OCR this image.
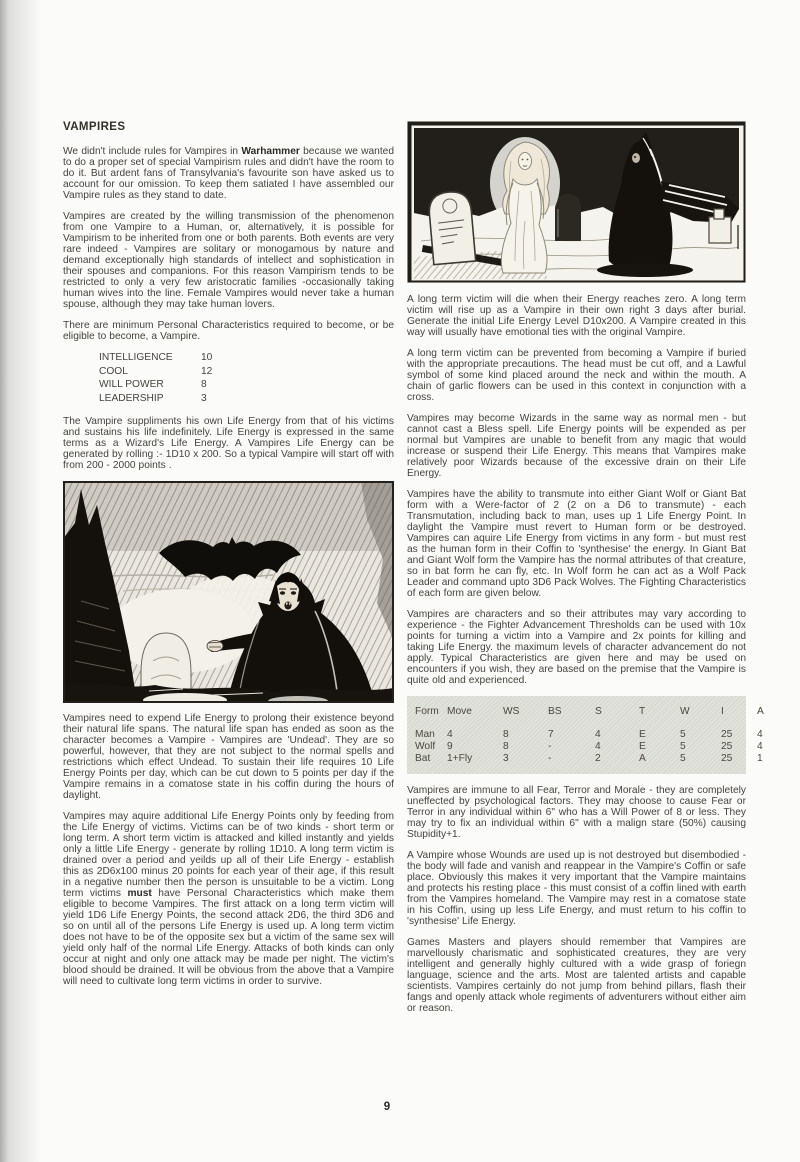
VAMPIRES

We didn't include rules for Vampires in Warhammer because we wanted to do a proper set of special Vampirism rules and didn't have the room to do it. But ardent fans of Transylvania's favourite son have asked us to account for our omission. To keep them satiated I have assembled our Vampire rules as they stand to date.

Vampires are created by the willing transmission of the phenomenon from one Vampire to a Human, or, alternatively, it is possible for Vampirism to be inherited from one or both parents. Both events are very rare indeed - Vampires are solitary or monogamous by nature and demand exceptionally high standards of intellect and sophistication in their spouses and companions. For this reason Vampirism tends to be restricted to only a very few aristocratic families -occasionally taking human wives into the line. Female Vampires would never take a human spouse, although they may take human lovers.

There are minimum Personal Characteristics required to become, or be eligible to become, a Vampire.

INTELLIGENCE	10
COOL	12
WILL POWER	8
LEADERSHIP	3

The Vampire suppliments his own Life Energy from that of his victims and sustains his life indefinitely. Life Energy is expressed in the same terms as a Wizard's Life Energy. A Vampires Life Energy can be generated by rolling :- 1D10 x 200. So a typical Vampire will start off with from 200 - 2000 points .

Vampires need to expend Life Energy to prolong their existence beyond their natural life spans. The natural life span has ended as soon as the character becomes a Vampire - Vampires are 'Undead'. They are so powerful, however, that they are not subject to the normal spells and restrictions which effect Undead. To sustain their life requires 10 Life Energy Points per day, which can be cut down to 5 points per day if the Vampire remains in a comatose state in his coffin during the hours of daylight.

Vampires may aquire additional Life Energy Points only by feeding from the Life Energy of victims. Victims can be of two kinds - short term or long term. A short term victim is attacked and killed instantly and yields only a little Life Energy - generate by rolling 1D10. A long term victim is drained over a period and yeilds up all of their Life Energy - establish this as 2D6x100 minus 20 points for each year of their age, if this result in a negative number then the person is unsuitable to be a victim. Long term victims must have Personal Characteristics which make them eligible to become Vampires. The first attack on a long term victim will yield 1D6 Life Energy Points, the second attack 2D6, the third 3D6 and so on until all of the persons Life Energy is used up. A long term victim does not have to be of the opposite sex but a victim of the same sex will yield only half of the normal Life Energy. Attacks of both kinds can only occur at night and only one attack may be made per night. The victim's blood should be drained. It will be obvious from the above that a Vampire will need to cultivate long term victims in order to survive.

A long term victim will die when their Energy reaches zero. A long term victim will rise up as a Vampire in their own right 3 days after burial. Generate the initial Life Energy Level D10x200. A Vampire created in this way will usually have emotional ties with the original Vampire.

A long term victim can be prevented from becoming a Vampire if buried with the appropriate precautions. The head must be cut off, and a Lawful symbol of some kind placed around the neck and within the mouth. A chain of garlic flowers can be used in this context in conjunction with a cross.

Vampires may become Wizards in the same way as normal men - but cannot cast a Bless spell. Life Energy points will be expended as per normal but Vampires are unable to benefit from any magic that would increase or suspend their Life Energy. This means that Vampires make relatively poor Wizards because of the excessive drain on their Life Energy.

Vampires have the ability to transmute into either Giant Wolf or Giant Bat form with a Were-factor of 2 (2 on a D6 to transmute) - each Transmutation, including back to man, uses up 1 Life Energy Point. In daylight the Vampire must revert to Human form or be destroyed. Vampires can aquire Life Energy from victims in any form - but must rest as the human form in their Coffin to 'synthesise' the energy. In Giant Bat and Giant Wolf form the Vampire has the normal attributes of that creature, so in bat form he can fly, etc. In Wolf form he can act as a Wolf Pack Leader and command upto 3D6 Pack Wolves. The Fighting Characteristics of each form are given below.

Vampires are characters and so their attributes may vary according to experience - the Fighter Advancement Thresholds can be used with 10x points for turning a victim into a Vampire and 2x points for killing and taking Life Energy. the maximum levels of character advancement do not apply. Typical Characteristics are given here and may be used on encounters if you wish, they are based on the premise that the Vampire is quite old and experienced.

Form Move	WS	BS	S	T	W	I	A
Man	4	8	7	4	E	5	25	4
Wolf	9	8	-	4	E	5	25	4
Bat	1+Fly	3	-	2	A	5	25	1

Vampires are immune to all Fear, Terror and Morale - they are completely uneffected by psychological factors. They may choose to cause Fear or Terror in any individual within 6" who has a Will Power of 8 or less. They may try to fix an individual within 6" with a malign stare (50%) causing Stupidity+1.

A Vampire whose Wounds are used up is not destroyed but disembodied - the body will fade and vanish and reappear in the Vampire's Coffin or safe place. Obviously this makes it very important that the Vampire maintains and protects his resting place - this must consist of a coffin lined with earth from the Vampires homeland. The Vampire may rest in a comatose state in his Coffin, using up less Life Energy, and must return to his coffin to 'synthesise' Life Energy.

Games Masters and players should remember that Vampires are marvellously charismatic and sophisticated creatures, they are very intelligent and generally highly cultured with a wide grasp of foriegn language, science and the arts. Most are talented artists and capable scientists. Vampires certainly do not jump from behind pillars, flash their fangs and openly attack whole regiments of adventurers without either aim or reason.

9
